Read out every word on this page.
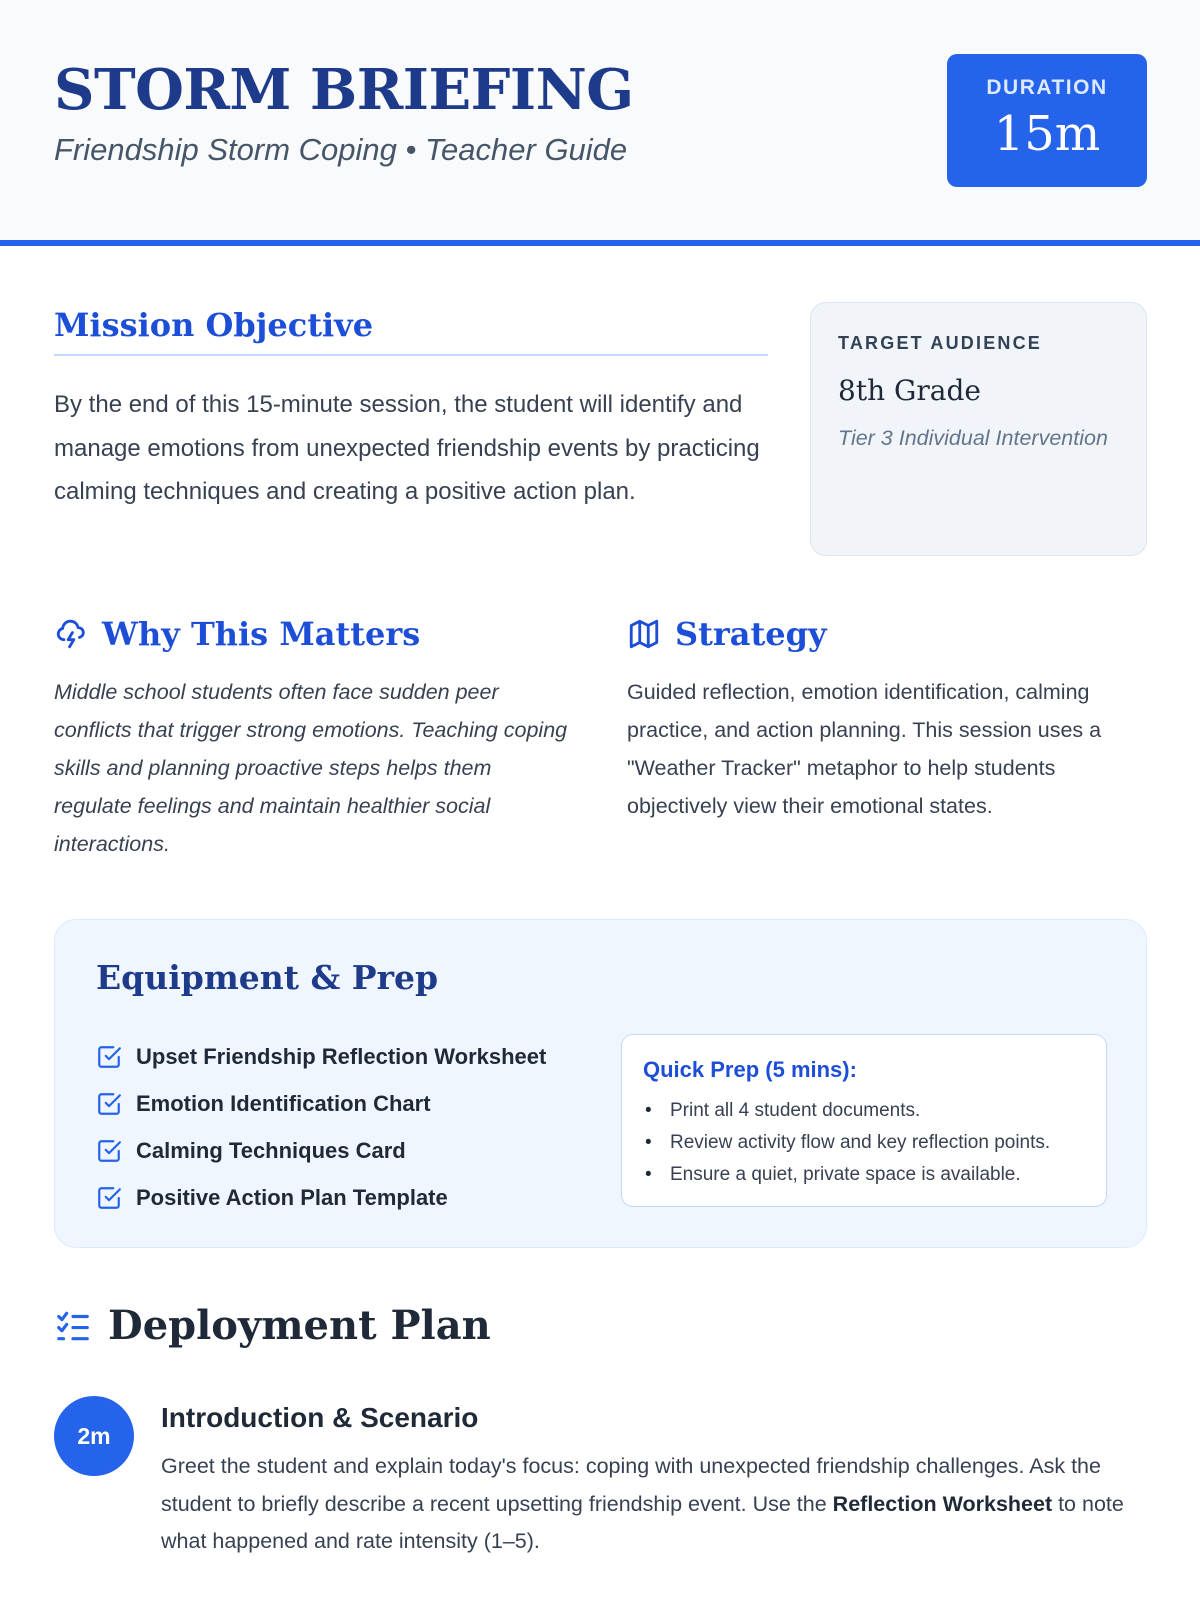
STORM BRIEFING
Friendship Storm Coping • Teacher Guide
DURATION
15m
Mission Objective

By the end of this 15-minute session, the student will identify and manage emotions from unexpected friendship events by practicing calming techniques and creating a positive action plan.

TARGET AUDIENCE
8th Grade
Tier 3 Individual Intervention
Why This Matters

Middle school students often face sudden peer conflicts that trigger strong emotions. Teaching coping skills and planning proactive steps helps them regulate feelings and maintain healthier social interactions.

Strategy

Guided reflection, emotion identification, calming practice, and action planning. This session uses a "Weather Tracker" metaphor to help students objectively view their emotional states.

Equipment & Prep
Upset Friendship Reflection Worksheet
Emotion Identification Chart
Calming Techniques Card
Positive Action Plan Template
Quick Prep (5 mins):
• Print all 4 student documents.
• Review activity flow and key reflection points.
• Ensure a quiet, private space is available.
Deployment Plan
2m
Introduction & Scenario

Greet the student and explain today's focus: coping with unexpected friendship challenges. Ask the student to briefly describe a recent upsetting friendship event. Use the Reflection Worksheet to note what happened and rate intensity (1–5).
